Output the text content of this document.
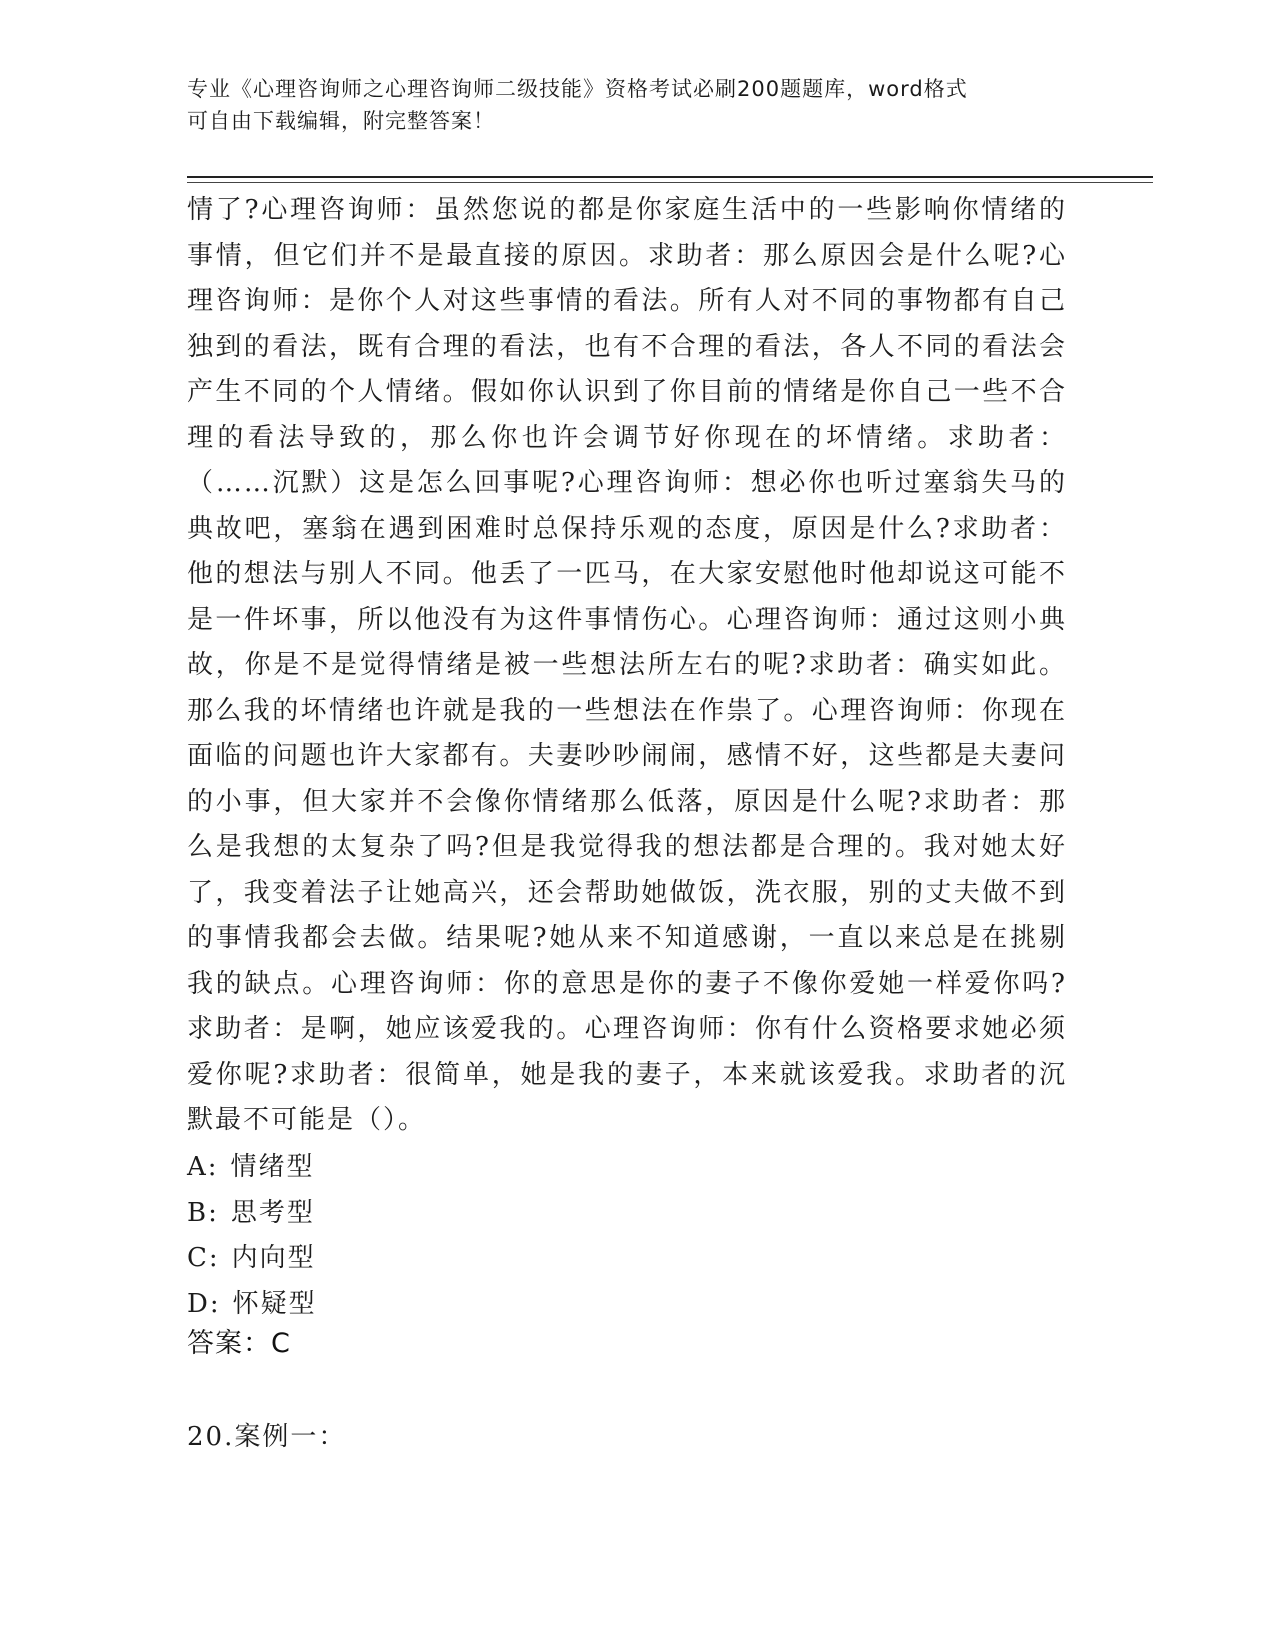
专业《心理咨询师之心理咨询师二级技能》资格考试必刷200题题库，word格式
可自由下载编辑，附完整答案！
情了?心理咨询师：虽然您说的都是你家庭生活中的一些影响你情绪的事情，但它们并不是最直接的原因。求助者：那么原因会是什么呢?心理咨询师：是你个人对这些事情的看法。所有人对不同的事物都有自己独到的看法，既有合理的看法，也有不合理的看法，各人不同的看法会产生不同的个人情绪。假如你认识到了你目前的情绪是你自己一些不合理的看法导致的，那么你也许会调节好你现在的坏情绪。求助者：（……沉默）这是怎么回事呢?心理咨询师：想必你也听过塞翁失马的典故吧，塞翁在遇到困难时总保持乐观的态度，原因是什么?求助者：他的想法与别人不同。他丢了一匹马，在大家安慰他时他却说这可能不是一件坏事，所以他没有为这件事情伤心。心理咨询师：通过这则小典故，你是不是觉得情绪是被一些想法所左右的呢?求助者：确实如此。那么我的坏情绪也许就是我的一些想法在作祟了。心理咨询师：你现在面临的问题也许大家都有。夫妻吵吵闹闹，感情不好，这些都是夫妻问的小事，但大家并不会像你情绪那么低落，原因是什么呢?求助者：那么是我想的太复杂了吗?但是我觉得我的想法都是合理的。我对她太好了，我变着法子让她高兴，还会帮助她做饭，洗衣服，别的丈夫做不到的事情我都会去做。结果呢?她从来不知道感谢，一直以来总是在挑剔我的缺点。心理咨询师：你的意思是你的妻子不像你爱她一样爱你吗?求助者：是啊，她应该爱我的。心理咨询师：你有什么资格要求她必须爱你呢?求助者：很简单，她是我的妻子，本来就该爱我。求助者的沉默最不可能是（）。
A: 情绪型
B: 思考型
C: 内向型
D: 怀疑型
答案：C
20.案例一：
